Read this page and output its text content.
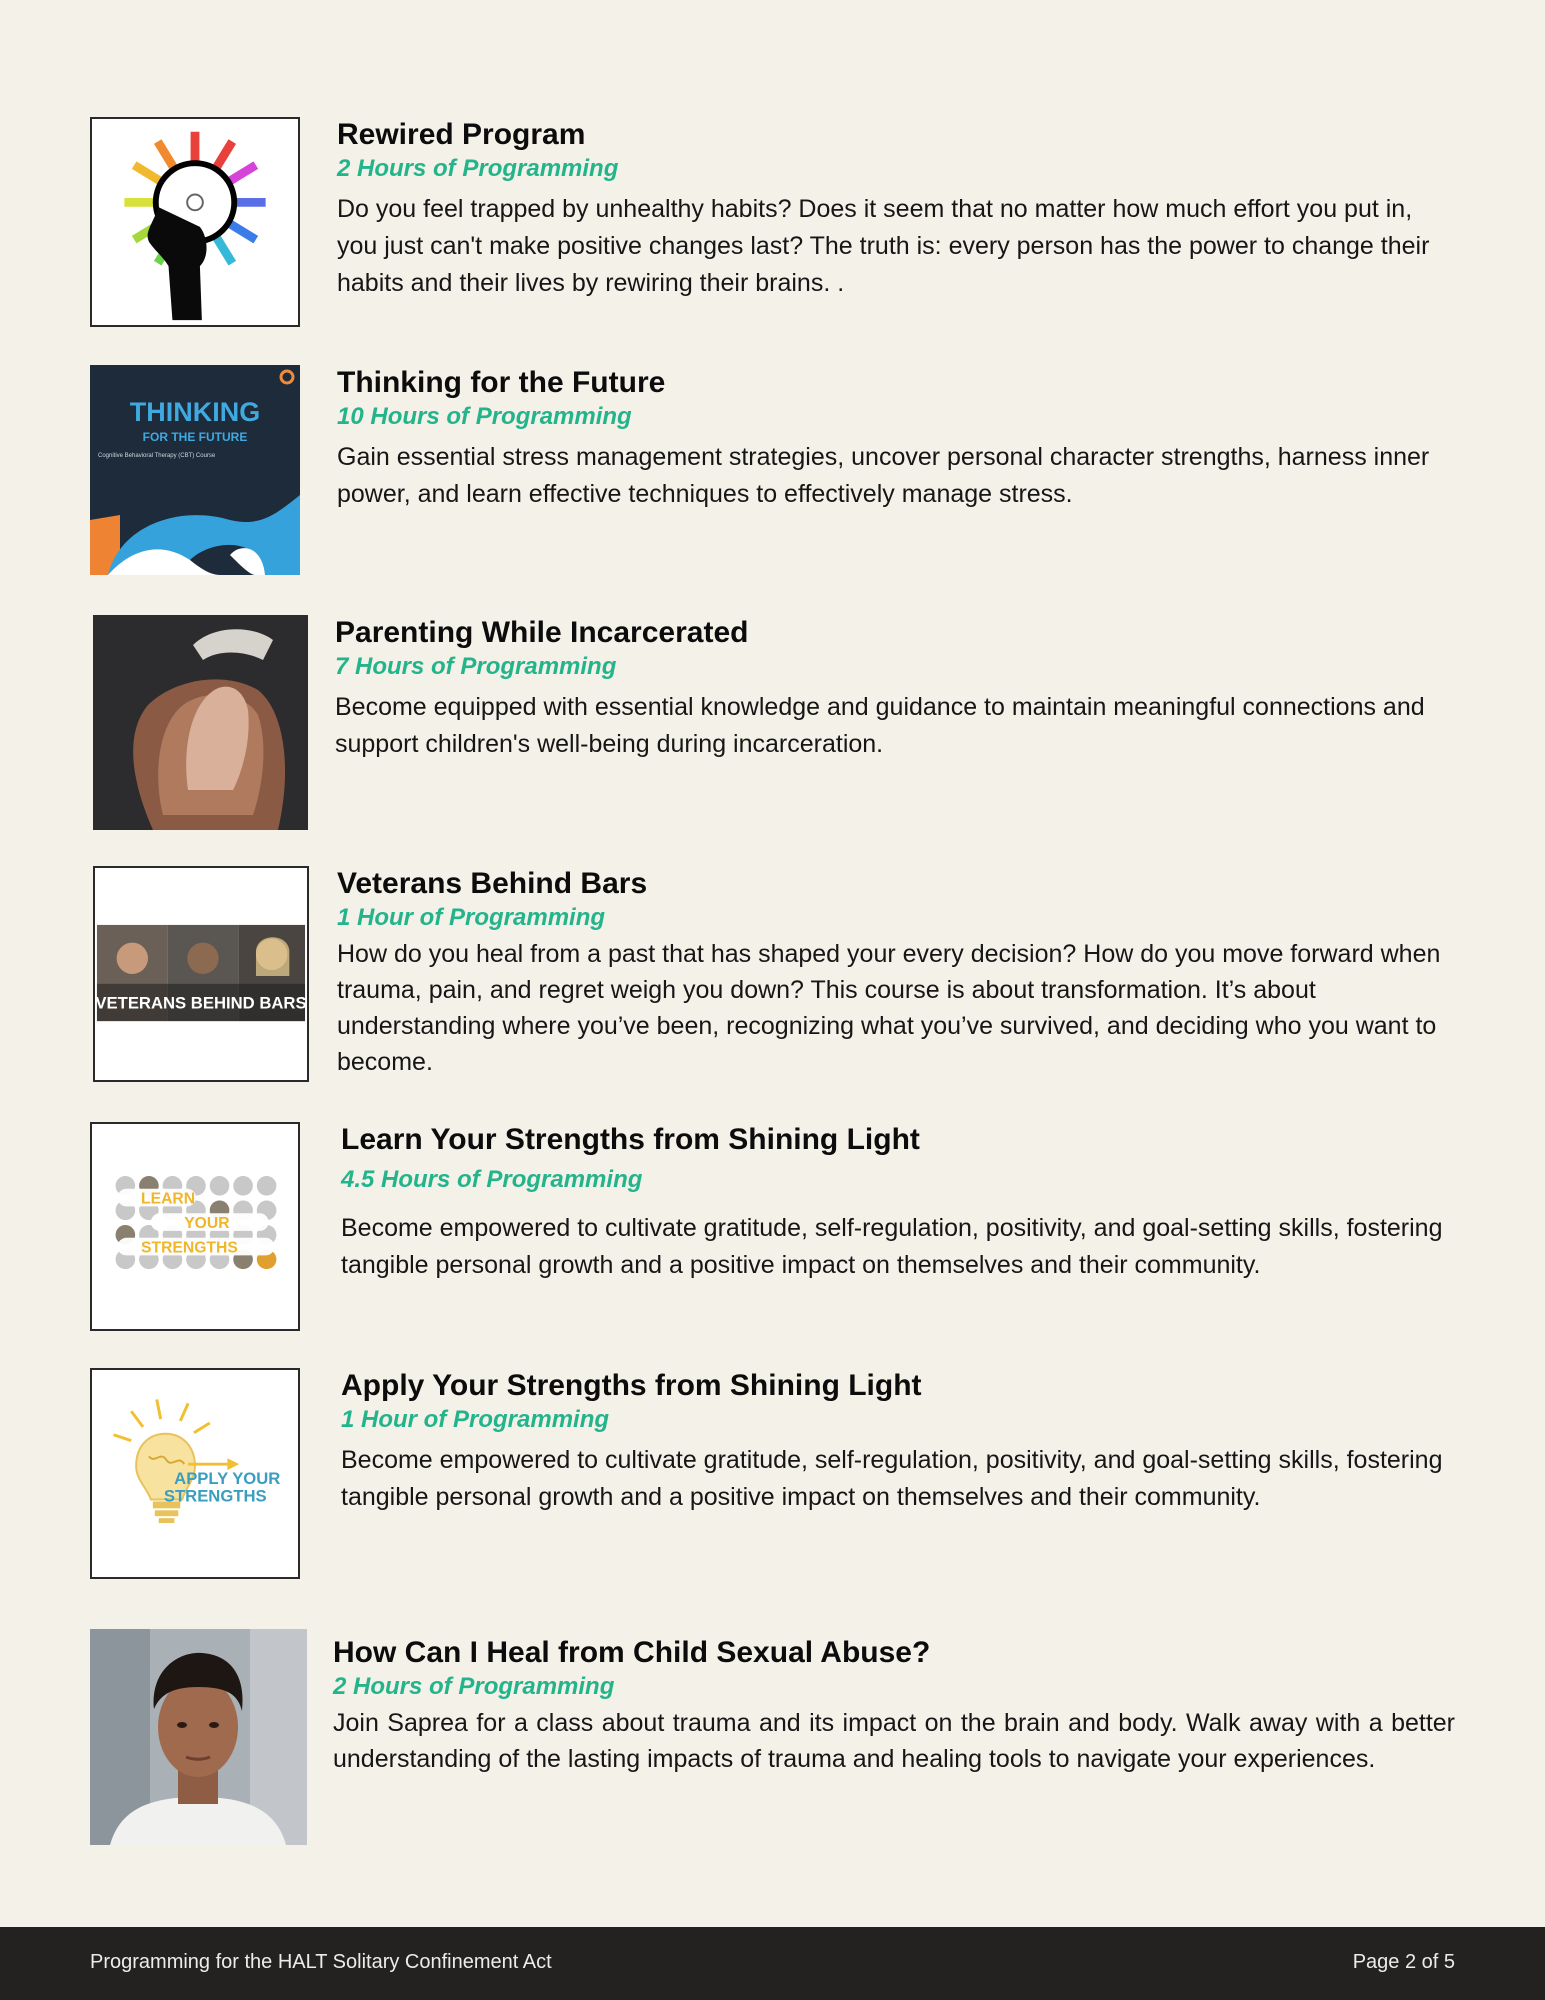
Rewired Program

2 Hours of Programming

Do you feel trapped by unhealthy habits? Does it seem that no matter how much effort you put in, you just can't make positive changes last? The truth is: every person has the power to change their habits and their lives by rewiring their brains. .

THINKING
FOR THE FUTURE
Cognitive Behavioral Therapy (CBT) Course
Thinking for the Future

10 Hours of Programming

Gain essential stress management strategies, uncover personal character strengths, harness inner power, and learn effective techniques to effectively manage stress.

Parenting While Incarcerated

7 Hours of Programming

Become equipped with essential knowledge and guidance to maintain meaningful connections and support children's well-being during incarceration.

VETERANS BEHIND BARS
Veterans Behind Bars

1 Hour of Programming

How do you heal from a past that has shaped your every decision? How do you move forward when trauma, pain, and regret weigh you down? This course is about transformation. It’s about understanding where you’ve been, recognizing what you’ve survived, and deciding who you want to become.

LEARN
YOUR
STRENGTHS
Learn Your Strengths from Shining Light

4.5 Hours of Programming

Become empowered to cultivate gratitude, self-regulation, positivity, and goal-setting skills, fostering tangible personal growth and a positive impact on themselves and their community.

APPLY YOUR
STRENGTHS
Apply Your Strengths from Shining Light

1 Hour of Programming

Become empowered to cultivate gratitude, self-regulation, positivity, and goal-setting skills, fostering tangible personal growth and a positive impact on themselves and their community.

How Can I Heal from Child Sexual Abuse?

2 Hours of Programming

Join Saprea for a class about trauma and its impact on the brain and body. Walk away with a better understanding of the lasting impacts of trauma and healing tools to navigate your experiences.

Programming for the HALT Solitary Confinement Act	Page 2 of 5
